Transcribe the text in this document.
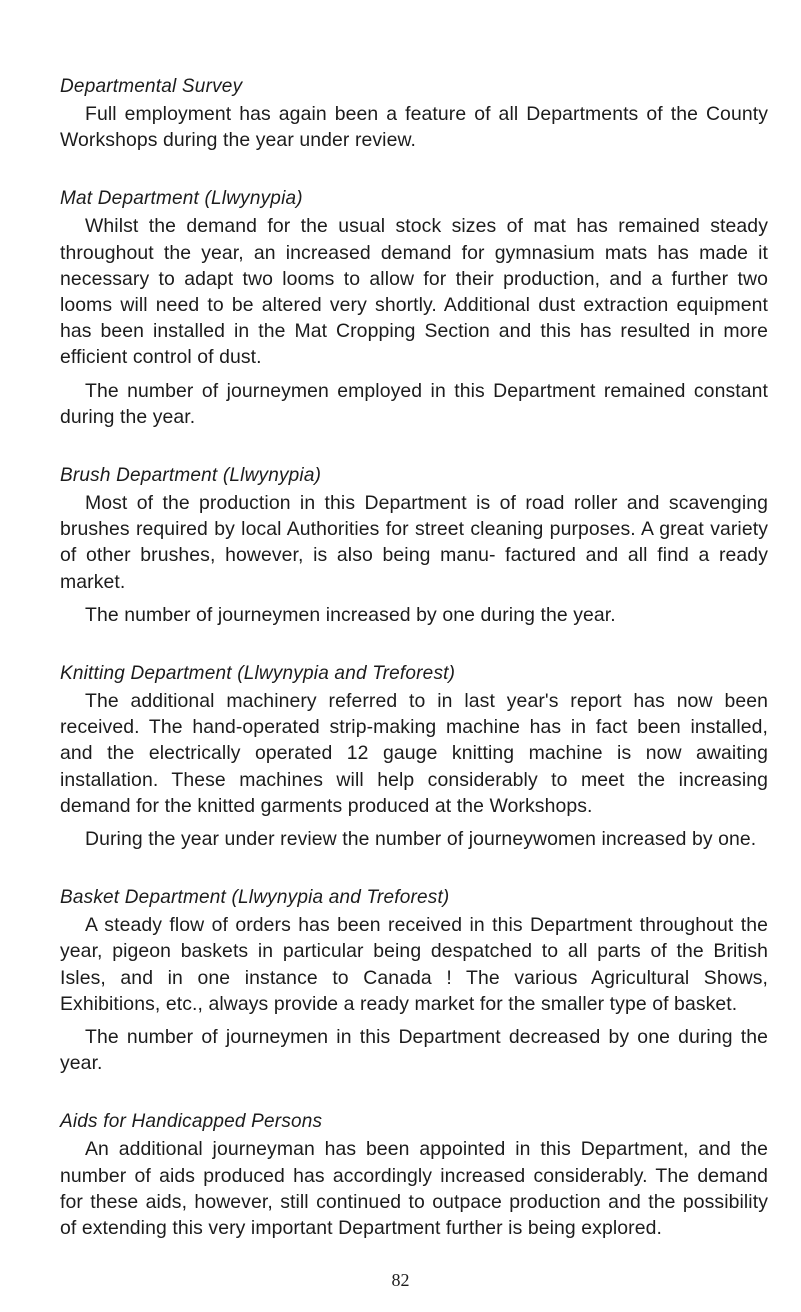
Departmental Survey

Full employment has again been a feature of all Departments of the County Workshops during the year under review.

Mat Department (Llwynypia)

Whilst the demand for the usual stock sizes of mat has remained steady throughout the year, an increased demand for gymnasium mats has made it necessary to adapt two looms to allow for their production, and a further two looms will need to be altered very shortly. Additional dust extraction equipment has been installed in the Mat Cropping Section and this has resulted in more efficient control of dust.

The number of journeymen employed in this Department remained constant during the year.

Brush Department (Llwynypia)

Most of the production in this Department is of road roller and scavenging brushes required by local Authorities for street cleaning purposes. A great variety of other brushes, however, is also being manu- factured and all find a ready market.

The number of journeymen increased by one during the year.

Knitting Department (Llwynypia and Treforest)

The additional machinery referred to in last year's report has now been received. The hand-operated strip-making machine has in fact been installed, and the electrically operated 12 gauge knitting machine is now awaiting installation. These machines will help considerably to meet the increasing demand for the knitted garments produced at the Workshops.

During the year under review the number of journeywomen increased by one.

Basket Department (Llwynypia and Treforest)

A steady flow of orders has been received in this Department throughout the year, pigeon baskets in particular being despatched to all parts of the British Isles, and in one instance to Canada ! The various Agricultural Shows, Exhibitions, etc., always provide a ready market for the smaller type of basket.

The number of journeymen in this Department decreased by one during the year.

Aids for Handicapped Persons

An additional journeyman has been appointed in this Department, and the number of aids produced has accordingly increased considerably. The demand for these aids, however, still continued to outpace production and the possibility of extending this very important Department further is being explored.

82
